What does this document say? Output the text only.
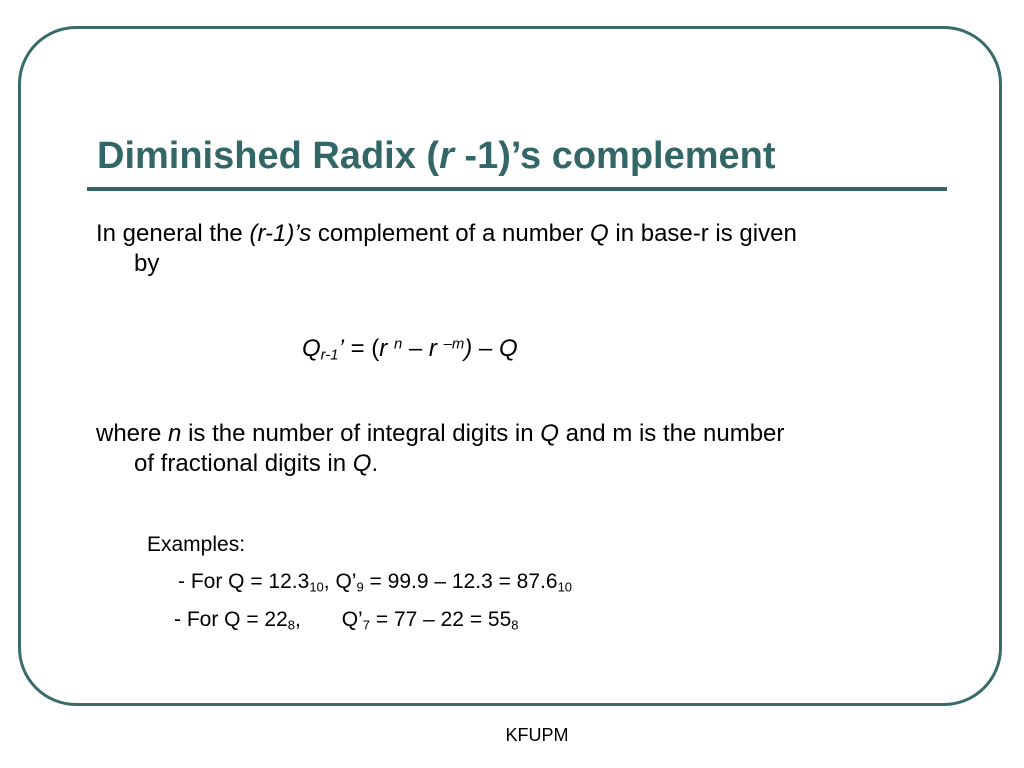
Diminished Radix (r -1)’s complement
In general the (r-1)’s complement of a number Q in base-r is given
by
$Q_{r-1}$’ = (r $^n$ – r $^{-m}$) – Q
where n is the number of integral digits in Q and m is the number
of fractional digits in Q.
Examples:
- For $Q = 12.3_{10}$, $Q’_9 = 99.9 - 12.3 = 87.6_{10}$
- For $Q = 22_8$,       $Q’_7 = 77 - 22 = 55_8$
KFUPM
